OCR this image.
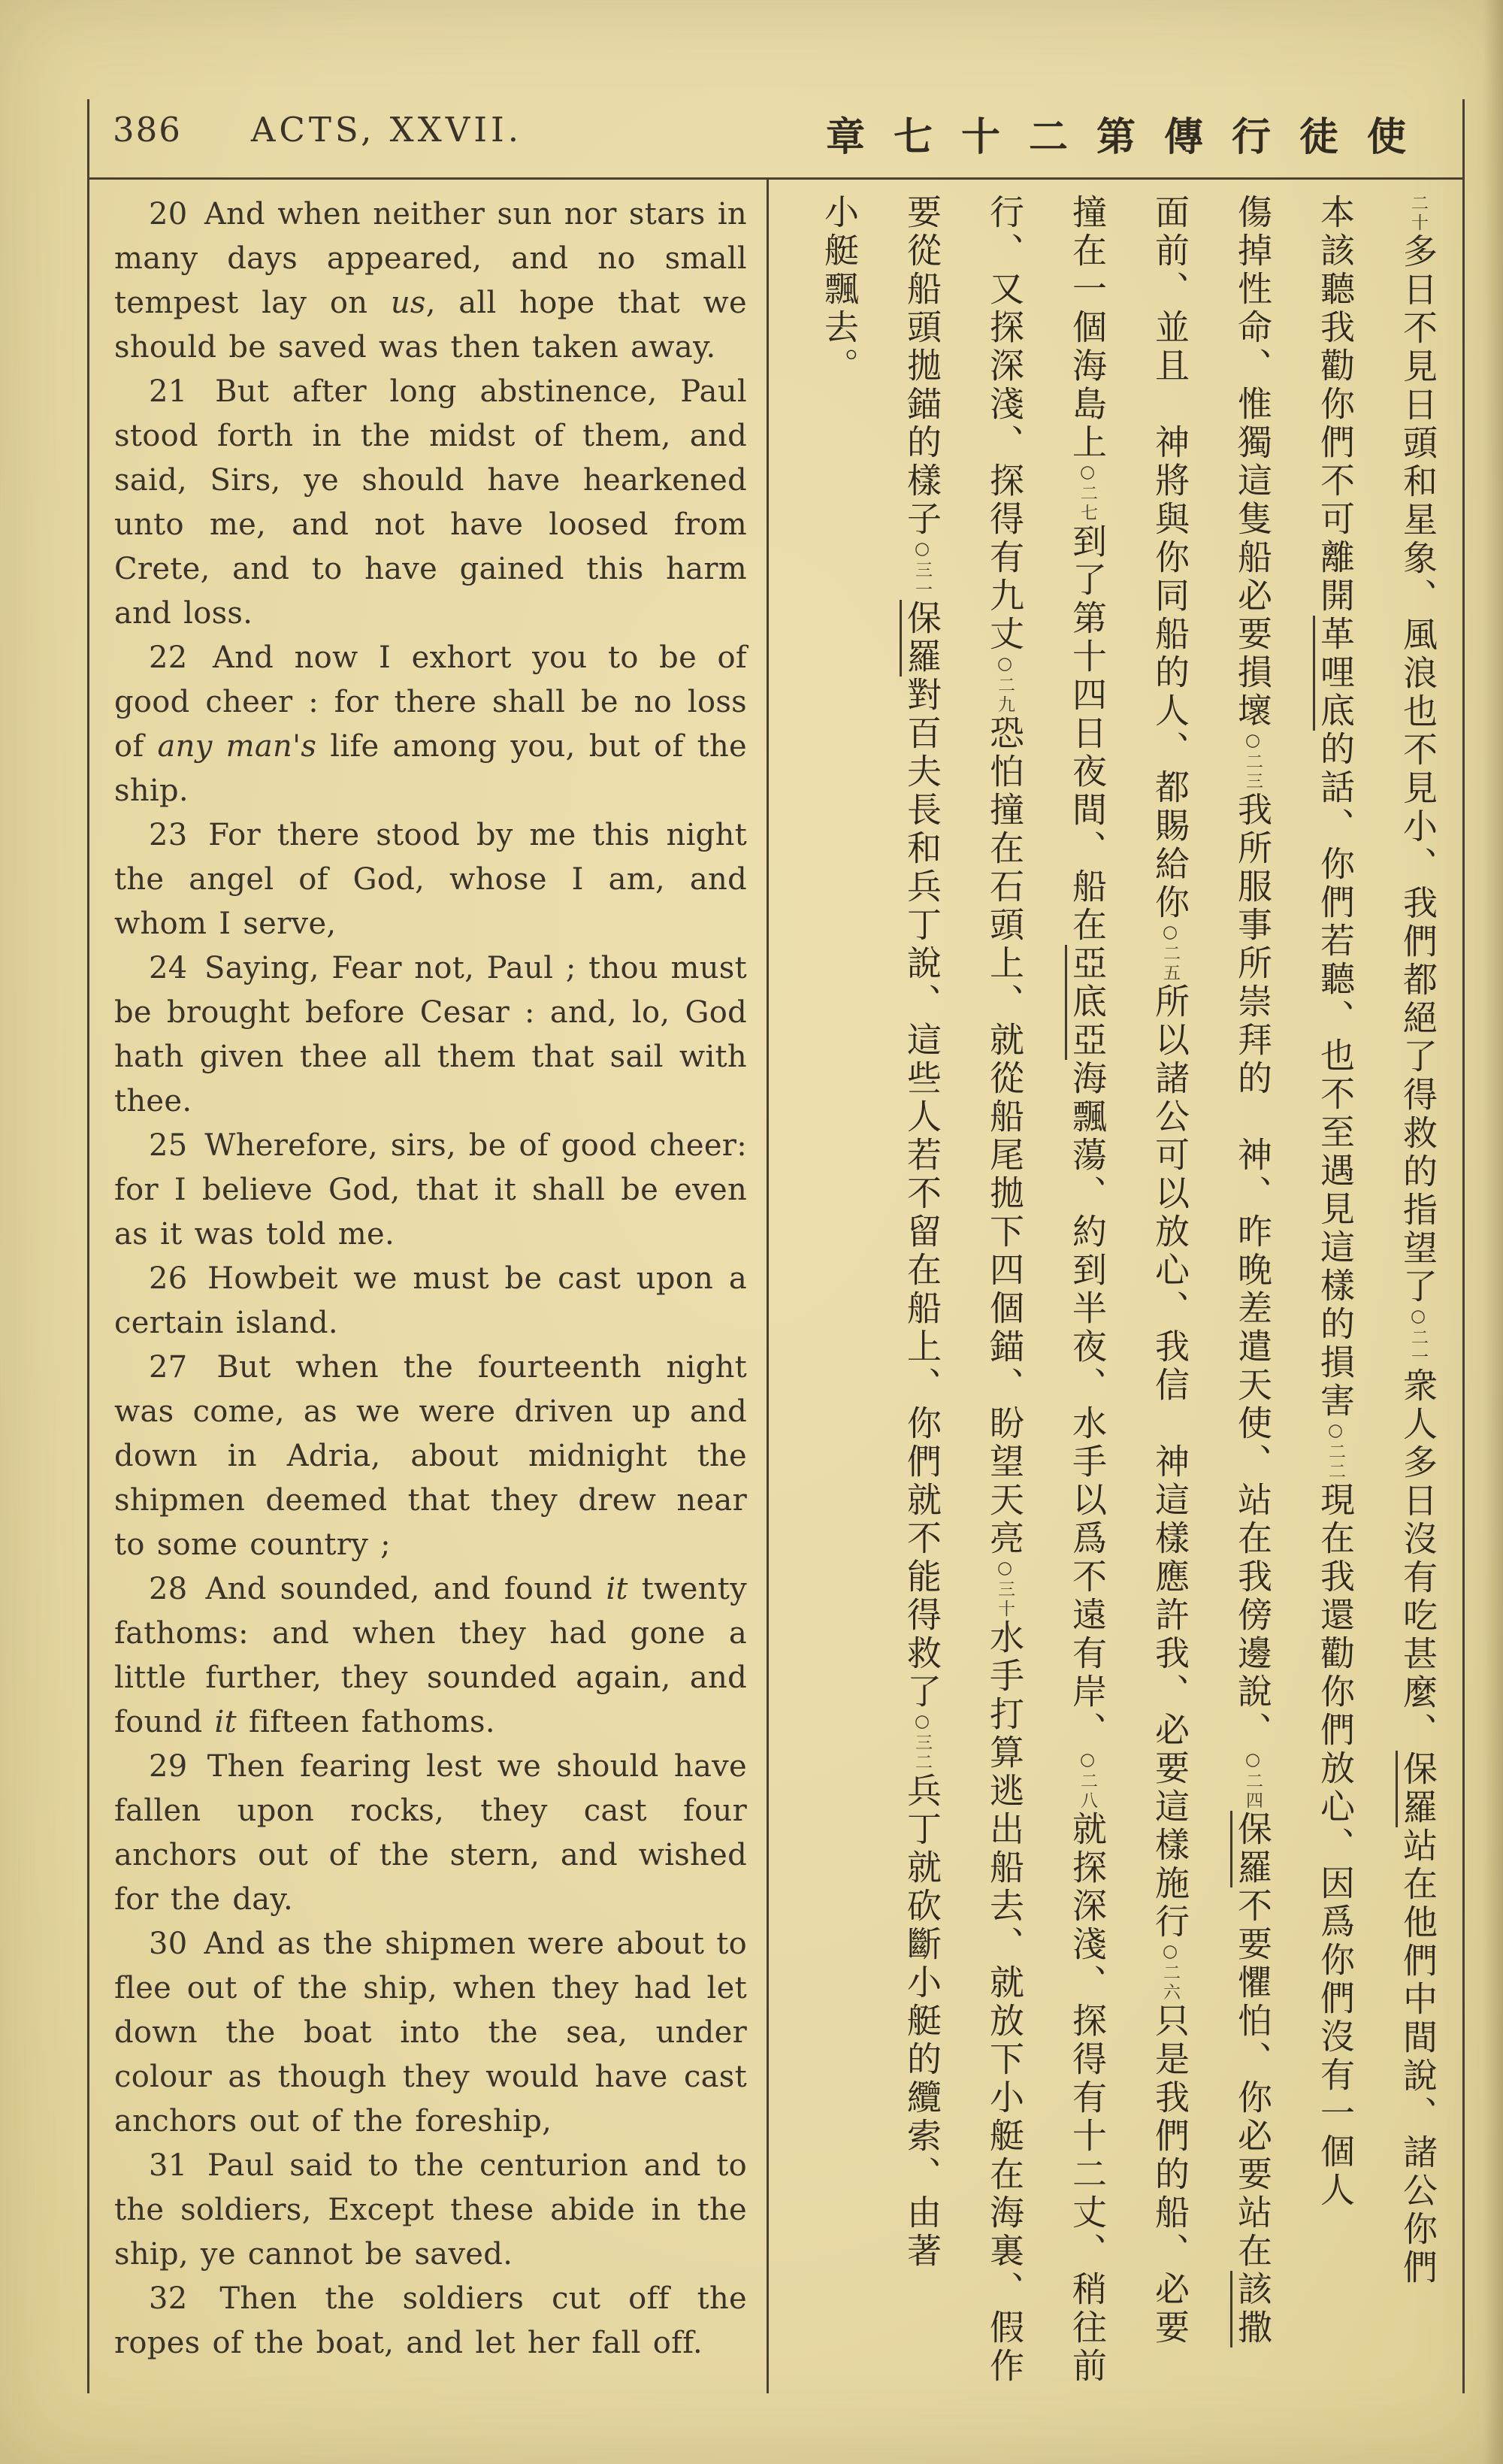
386 ACTS, XXVII.	章七十二第傳行徒使

20 And when neither sun nor stars in many days appeared, and no small tempest lay on us, all hope that we should be saved was then taken away.

21 But after long abstinence, Paul stood forth in the midst of them, and said, Sirs, ye should have hearkened unto me, and not have loosed from Crete, and to have gained this harm and loss.

22 And now I exhort you to be of good cheer : for there shall be no loss of any man's life among you, but of the ship.

23 For there stood by me this night the angel of God, whose I am, and whom I serve,

24 Saying, Fear not, Paul ; thou must be brought before Cesar : and, lo, God hath given thee all them that sail with thee.

25 Wherefore, sirs, be of good cheer: for I believe God, that it shall be even as it was told me.

26 Howbeit we must be cast upon a certain island.

27 But when the fourteenth night was come, as we were driven up and down in Adria, about midnight the shipmen deemed that they drew near to some country ;

28 And sounded, and found it twenty fathoms: and when they had gone a little further, they sounded again, and found it fifteen fathoms.

29 Then fearing lest we should have fallen upon rocks, they cast four anchors out of the stern, and wished for the day.

30 And as the shipmen were about to flee out of the ship, when they had let down the boat into the sea, under colour as though they would have cast anchors out of the foreship,

31 Paul said to the centurion and to the soldiers, Except these abide in the ship, ye cannot be saved.

32 Then the soldiers cut off the ropes of the boat, and let her fall off.

二十多日不見日頭和星象、風浪也不見小、我們都絕了得救的指望了○二一衆人多日沒有吃甚麼、保羅站在他們中間說、諸公你們
本該聽我勸你們不可離開革哩底的話、你們若聽、也不至遇見這樣的損害○二二現在我還勸你們放心、因爲你們沒有一個人
傷掉性命、惟獨這隻船必要損壞○二三我所服事所崇拜的　神、昨晚差遣天使、站在我傍邊說、○二四保羅不要懼怕、你必要站在該撒
面前、並且　神將與你同船的人、都賜給你○二五所以諸公可以放心、我信　神這樣應許我、必要這樣施行○二六只是我們的船、必要
撞在一個海島上○二七到了第十四日夜間、船在亞底亞海飄蕩、約到半夜、水手以爲不遠有岸、○二八就探深淺、探得有十二丈、稍往前
行、又探深淺、探得有九丈○二九恐怕撞在石頭上、就從船尾拋下四個錨、盼望天亮○三十水手打算逃出船去、就放下小艇在海裏、假作
要從船頭拋錨的樣子○三一保羅對百夫長和兵丁說、這些人若不留在船上、你們就不能得救了○三二兵丁就砍斷小艇的纜索、由著
小艇飄去。
